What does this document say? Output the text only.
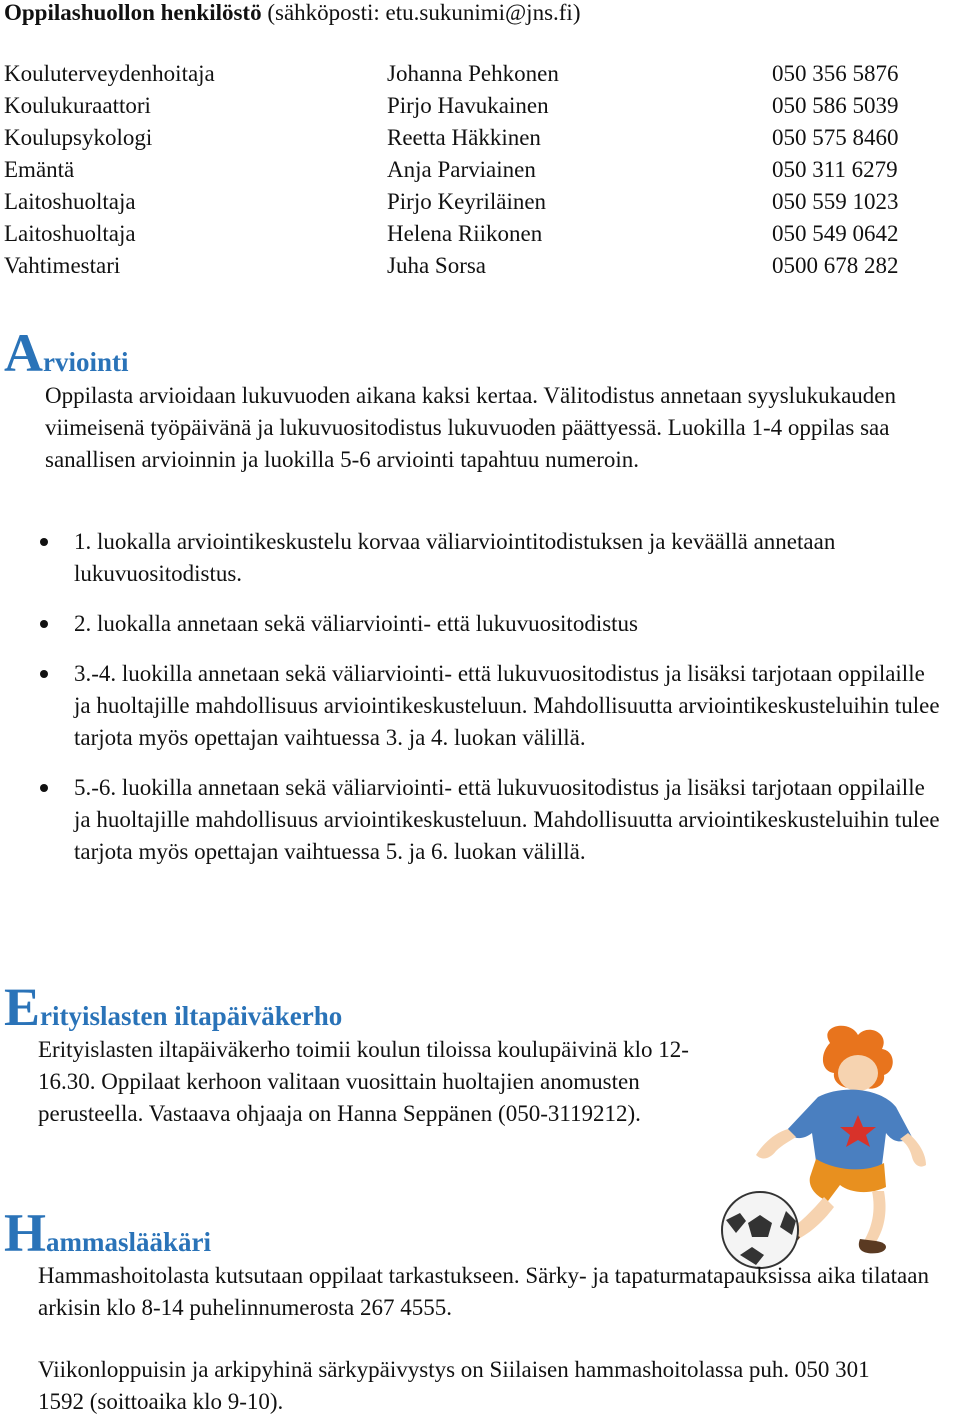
Oppilashuollon henkilöstö (sähköposti: etu.sukunimi@jns.fi)
Kouluterveydenhoitaja	Johanna Pehkonen	050 356 5876
Koulukuraattori	Pirjo Havukainen	050 586 5039
Koulupsykologi	Reetta Häkkinen	050 575 8460
Emäntä	Anja Parviainen	050 311 6279
Laitoshuoltaja	Pirjo Keyriläinen	050 559 1023
Laitoshuoltaja	Helena Riikonen	050 549 0642
Vahtimestari	Juha Sorsa	0500 678 282
Arviointi

Oppilasta arvioidaan lukuvuoden aikana kaksi kertaa. Välitodistus annetaan syyslukukauden viimeisenä työpäivänä ja lukuvuositodistus lukuvuoden päättyessä. Luokilla 1-4 oppilas saa sanallisen arvioinnin ja luokilla 5-6 arviointi tapahtuu numeroin.

1. luokalla arviointikeskustelu korvaa väliarviointitodistuksen ja keväällä annetaan lukuvuositodistus.
2. luokalla annetaan sekä väliarviointi- että lukuvuositodistus
3.-4. luokilla annetaan sekä väliarviointi- että lukuvuositodistus ja lisäksi tarjotaan oppilaille ja huoltajille mahdollisuus arviointikeskusteluun. Mahdollisuutta arviointikeskusteluihin tulee tarjota myös opettajan vaihtuessa 3. ja 4. luokan välillä.
5.-6. luokilla annetaan sekä väliarviointi- että lukuvuositodistus ja lisäksi tarjotaan oppilaille ja huoltajille mahdollisuus arviointikeskusteluun. Mahdollisuutta arviointikeskusteluihin tulee tarjota myös opettajan vaihtuessa 5. ja 6. luokan välillä.
Erityislasten iltapäiväkerho

Erityislasten iltapäiväkerho toimii koulun tiloissa koulupäivinä klo 12-16.30. Oppilaat kerhoon valitaan vuosittain huoltajien anomusten perusteella. Vastaava ohjaaja on Hanna Seppänen (050-3119212).

Hammaslääkäri

Hammashoitolasta kutsutaan oppilaat tarkastukseen. Särky- ja tapaturmatapauksissa aika tilataan arkisin klo 8-14 puhelinnumerosta 267 4555.

Viikonloppuisin ja arkipyhinä särkypäivystys on Siilaisen hammashoitolassa puh. 050 301 1592 (soittoaika klo 9-10).
